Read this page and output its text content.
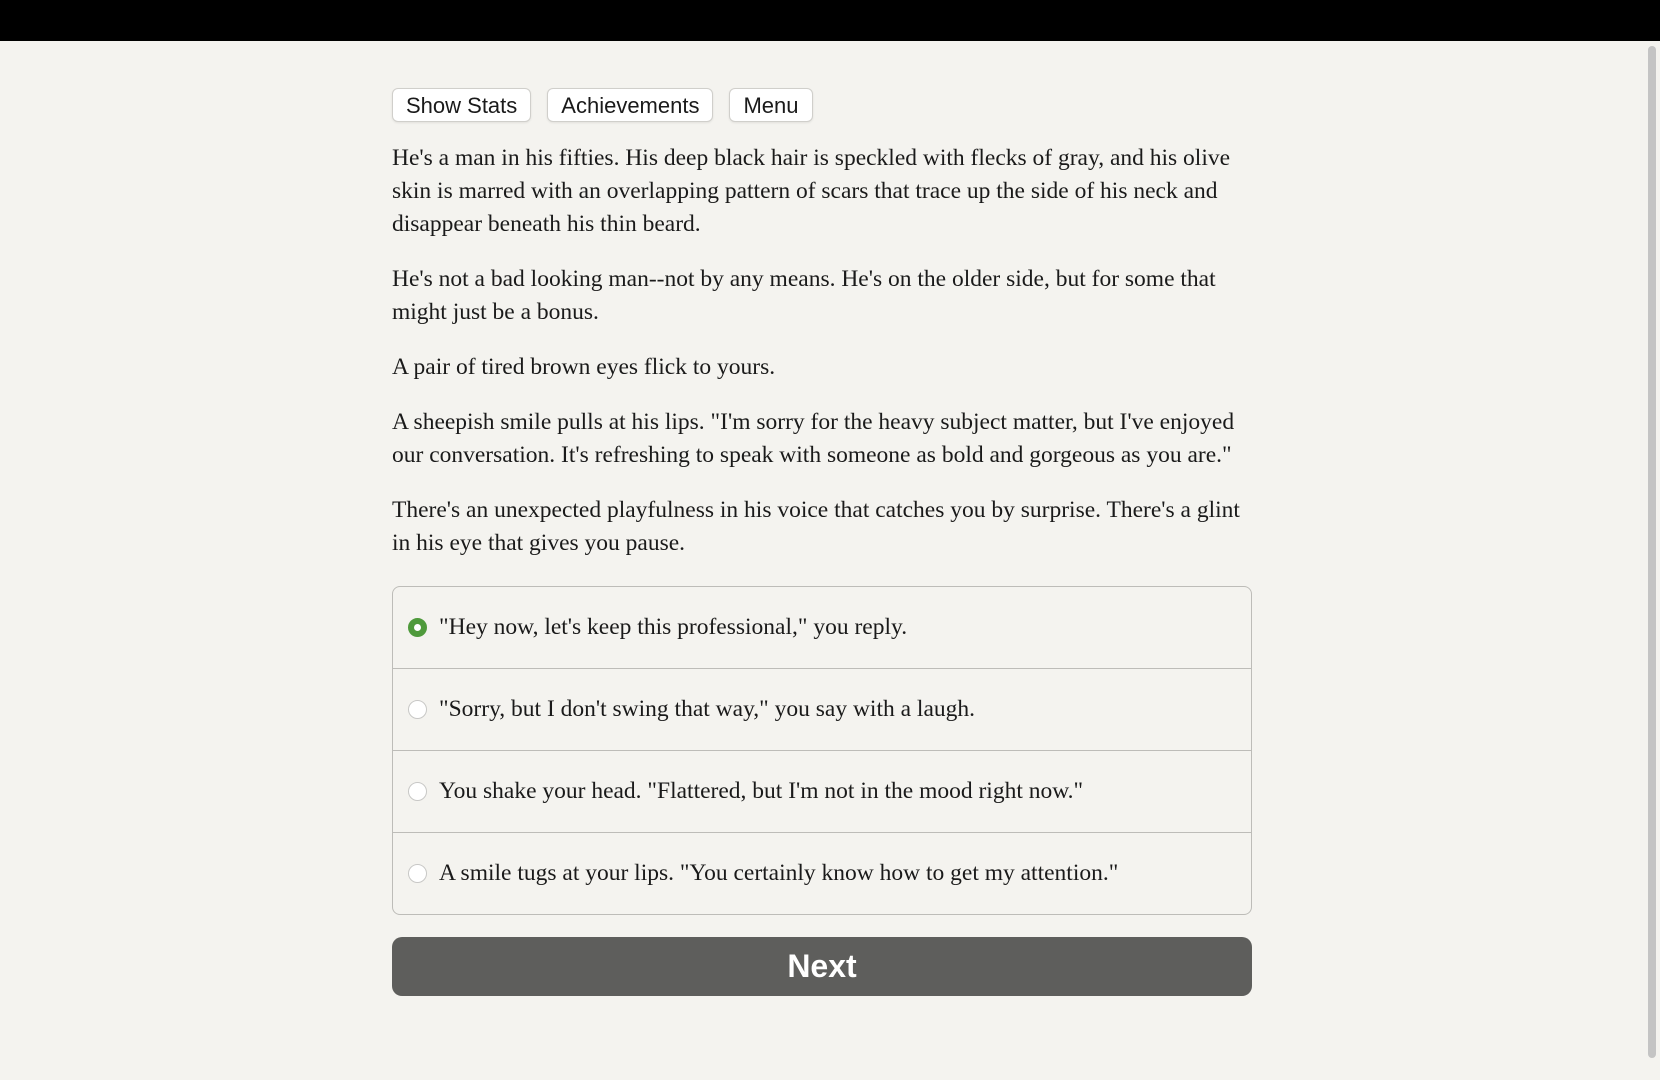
Show Stats	Achievements	Menu

He's a man in his fifties. His deep black hair is speckled with flecks of gray, and his olive skin is marred with an overlapping pattern of scars that trace up the side of his neck and disappear beneath his thin beard.

He's not a bad looking man--not by any means. He's on the older side, but for some that might just be a bonus.

A pair of tired brown eyes flick to yours.

A sheepish smile pulls at his lips. "I'm sorry for the heavy subject matter, but I've enjoyed our conversation. It's refreshing to speak with someone as bold and gorgeous as you are."

There's an unexpected playfulness in his voice that catches you by surprise. There's a glint in his eye that gives you pause.

"Hey now, let's keep this professional," you reply.
"Sorry, but I don't swing that way," you say with a laugh.
You shake your head. "Flattered, but I'm not in the mood right now."
A smile tugs at your lips. "You certainly know how to get my attention."
Next
